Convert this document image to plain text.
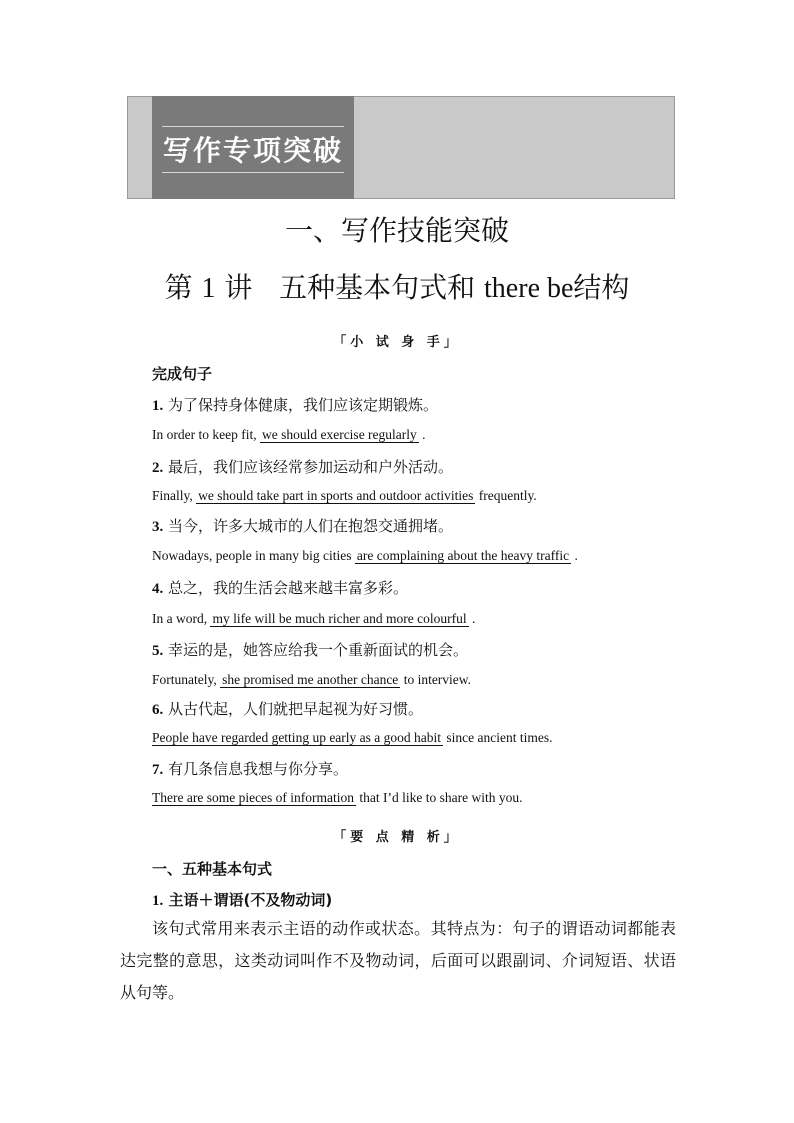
写作专项突破
一、写作技能突破
第 1 讲 五种基本句式和 there be结构
「小 试 身 手」
完成句子
1. 为了保持身体健康，我们应该定期锻炼。
In order to keep fit, we should exercise regularly .
2. 最后，我们应该经常参加运动和户外活动。
Finally, we should take part in sports and outdoor activities frequently.
3. 当今，许多大城市的人们在抱怨交通拥堵。
Nowadays, people in many big cities are complaining about the heavy traffic .
4. 总之，我的生活会越来越丰富多彩。
In a word, my life will be much richer and more colourful .
5. 幸运的是，她答应给我一个重新面试的机会。
Fortunately, she promised me another chance to interview.
6. 从古代起，人们就把早起视为好习惯。
People have regarded getting up early as a good habit since ancient times.
7. 有几条信息我想与你分享。
There are some pieces of information that I’d like to share with you.
「要 点 精 析」
一、五种基本句式
1. 主语＋谓语(不及物动词)
该句式常用来表示主语的动作或状态。其特点为：句子的谓语动词都能表达完整的意思，这类动词叫作不及物动词，后面可以跟副词、介词短语、状语从句等。
